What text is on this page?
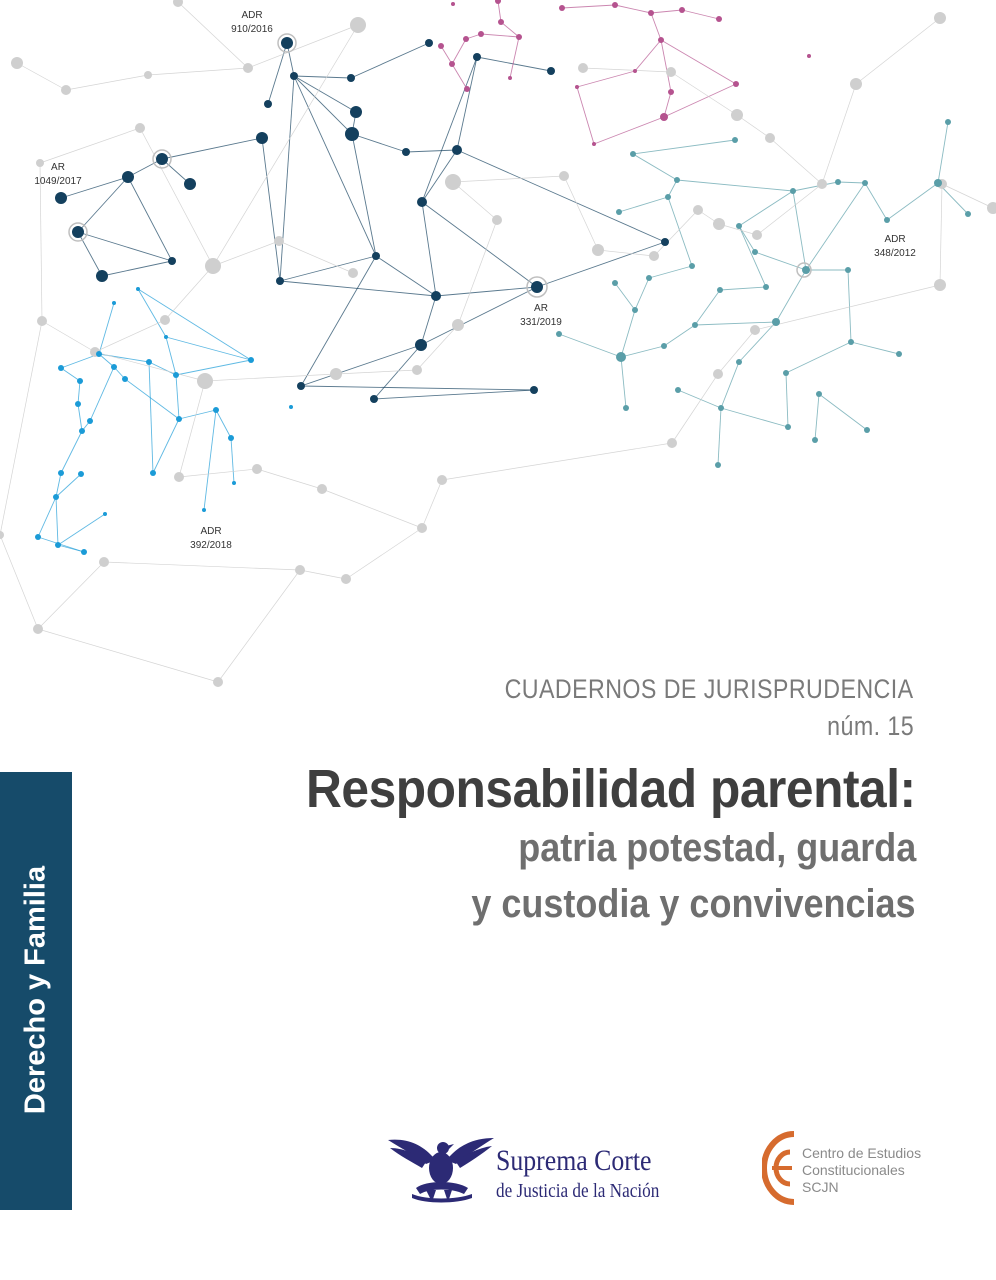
ADR
910/2016
AR
1049/2017
AR
331/2019
ADR
348/2012
ADR
392/2018
CUADERNOS DE JURISPRUDENCIA
núm. 15
Responsabilidad parental:
patria potestad, guarda
y custodia y convivencias
Derecho y Familia
Suprema Corte
de Justicia de la Nación
Centro de Estudios
Constitucionales
SCJN
